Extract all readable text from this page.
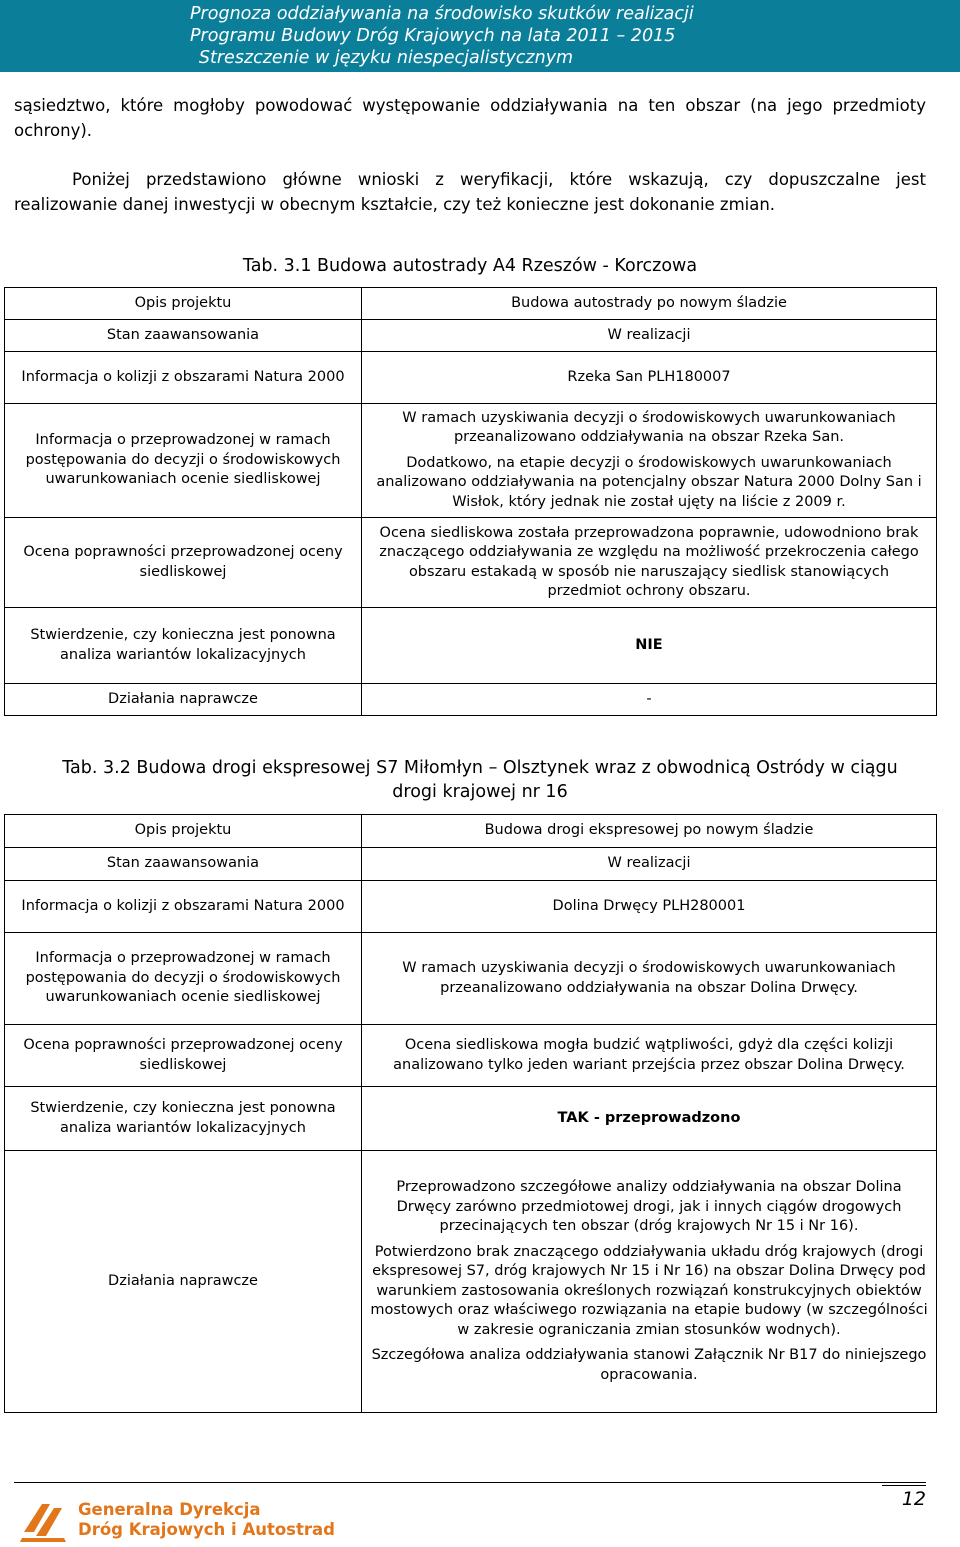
Prognoza oddziaływania na środowisko skutków realizacji
Programu Budowy Dróg Krajowych na lata 2011 – 2015
Streszczenie w języku niespecjalistycznym
sąsiedztwo, które mogłoby powodować występowanie oddziaływania na ten obszar (na jego przedmioty ochrony).
Poniżej przedstawiono główne wnioski z weryfikacji, które wskazują, czy dopuszczalne jest realizowanie danej inwestycji w obecnym kształcie, czy też konieczne jest dokonanie zmian.
Tab. 3.1 Budowa autostrady A4 Rzeszów - Korczowa
Opis projektu	Budowa autostrady po nowym śladzie
Stan zaawansowania	W realizacji
Informacja o kolizji z obszarami Natura 2000	Rzeka San PLH180007
Informacja o przeprowadzonej w ramach postępowania do decyzji o środowiskowych uwarunkowaniach ocenie siedliskowej	W ramach uzyskiwania decyzji o środowiskowych uwarunkowaniach przeanalizowano oddziaływania na obszar Rzeka San.
Dodatkowo, na etapie decyzji o środowiskowych uwarunkowaniach analizowano oddziaływania na potencjalny obszar Natura 2000 Dolny San i Wisłok, który jednak nie został ujęty na liście z 2009 r.

Ocena poprawności przeprowadzonej oceny siedliskowej	Ocena siedliskowa została przeprowadzona poprawnie, udowodniono brak znaczącego oddziaływania ze względu na możliwość przekroczenia całego obszaru estakadą w sposób nie naruszający siedlisk stanowiących przedmiot ochrony obszaru.
Stwierdzenie, czy konieczna jest ponowna analiza wariantów lokalizacyjnych	NIE
Działania naprawcze	-
Tab. 3.2 Budowa drogi ekspresowej S7 Miłomłyn – Olsztynek wraz z obwodnicą Ostródy w ciągu drogi krajowej nr 16
Opis projektu	Budowa drogi ekspresowej po nowym śladzie
Stan zaawansowania	W realizacji
Informacja o kolizji z obszarami Natura 2000	Dolina Drwęcy PLH280001
Informacja o przeprowadzonej w ramach postępowania do decyzji o środowiskowych uwarunkowaniach ocenie siedliskowej	W ramach uzyskiwania decyzji o środowiskowych uwarunkowaniach przeanalizowano oddziaływania na obszar Dolina Drwęcy.
Ocena poprawności przeprowadzonej oceny siedliskowej	Ocena siedliskowa mogła budzić wątpliwości, gdyż dla części kolizji analizowano tylko jeden wariant przejścia przez obszar Dolina Drwęcy.
Stwierdzenie, czy konieczna jest ponowna analiza wariantów lokalizacyjnych	TAK - przeprowadzono
Działania naprawcze	Przeprowadzono szczegółowe analizy oddziaływania na obszar Dolina Drwęcy zarówno przedmiotowej drogi, jak i innych ciągów drogowych przecinających ten obszar (dróg krajowych Nr 15 i Nr 16).
Potwierdzono brak znaczącego oddziaływania układu dróg krajowych (drogi ekspresowej S7, dróg krajowych Nr 15 i Nr 16) na obszar Dolina Drwęcy pod warunkiem zastosowania określonych rozwiązań konstrukcyjnych obiektów mostowych oraz właściwego rozwiązania na etapie budowy (w szczególności w zakresie ograniczania zmian stosunków wodnych).
Szczegółowa analiza oddziaływania stanowi Załącznik Nr B17 do niniejszego opracowania.
12
Generalna Dyrekcja
Dróg Krajowych i Autostrad
